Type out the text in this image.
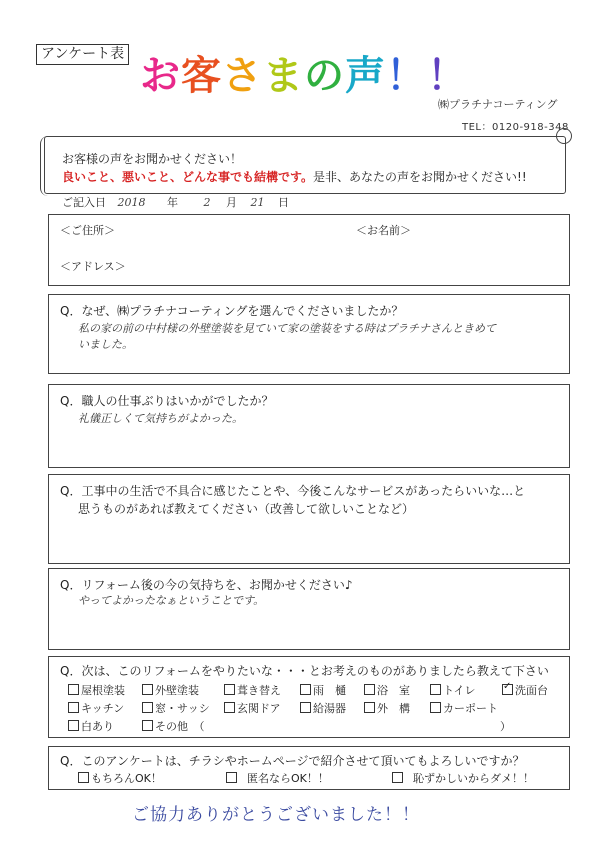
アンケート表 お客さまの声！！
㈱プラチナコーティング
TEL：0120-918-348
お客様の声をお聞かせください！
良いこと、悪いこと、どんな事でも結構です。是非、あなたの声をお聞かせください!!
ご記入日 2018 年 2 月 21 日
＜ご住所＞	＜お名前＞
＜アドレス＞
Q．なぜ、㈱プラチナコーティングを選んでくださいましたか？
私の家の前の中村様の外壁塗装を見ていて家の塗装をする時はプラチナさんときめて
いました。
Q．職人の仕事ぶりはいかがでしたか？
礼儀正しくて気持ちがよかった。
Q．工事中の生活で不具合に感じたことや、今後こんなサービスがあったらいいな…と
思うものがあれば教えてください（改善して欲しいことなど）
Q．リフォーム後の今の気持ちを、お聞かせください♪
やってよかったなぁということです。
Q．次は、このリフォームをやりたいな・・・とお考えのものがありましたら教えて下さい
屋根塗装	外壁塗装	葺き替え	雨　樋	浴　室	トイレ
✓	洗面台
キッチン	窓・サッシ	玄関ドア	給湯器	外　構	カーポート
白あり	その他　（	）
Q．このアンケートは、チラシやホームページで紹介させて頂いてもよろしいですか？
もちろんOK！	匿名ならOK！！	恥ずかしいからダメ！！
ご協力ありがとうございました！！
